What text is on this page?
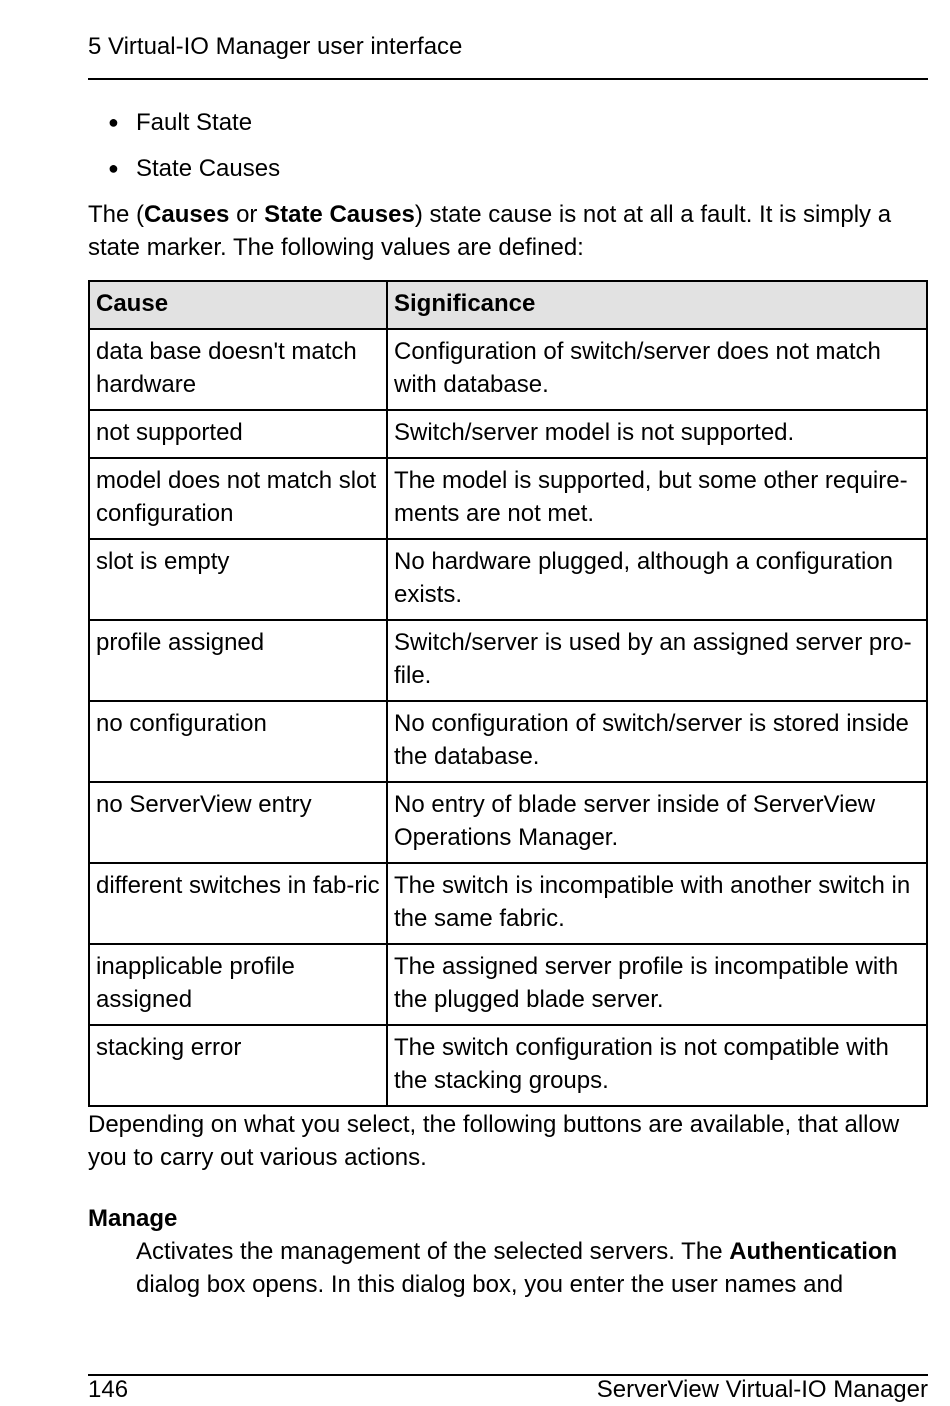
5 Virtual-IO Manager user interface
● Fault State
● State Causes

The (Causes or State Causes) state cause is not at all a fault. It is simply a state marker. The following values are defined:

Cause	Significance
data base doesn't match hardware	Configuration of switch/server does not match with database.
not supported	Switch/server model is not supported.
model does not match slot configuration	The model is supported, but some other require-ments are not met.
slot is empty	No hardware plugged, although a configuration exists.
profile assigned	Switch/server is used by an assigned server pro-file.
no configuration	No configuration of switch/server is stored inside the database.
no ServerView entry	No entry of blade server inside of ServerView Operations Manager.
different switches in fab-ric	The switch is incompatible with another switch in the same fabric.
inapplicable profile assigned	The assigned server profile is incompatible with the plugged blade server.
stacking error	The switch configuration is not compatible with the stacking groups.

Depending on what you select, the following buttons are available, that allow you to carry out various actions.

Manage

Activates the management of the selected servers. The Authentication dialog box opens. In this dialog box, you enter the user names and

146	ServerView Virtual-IO Manager
